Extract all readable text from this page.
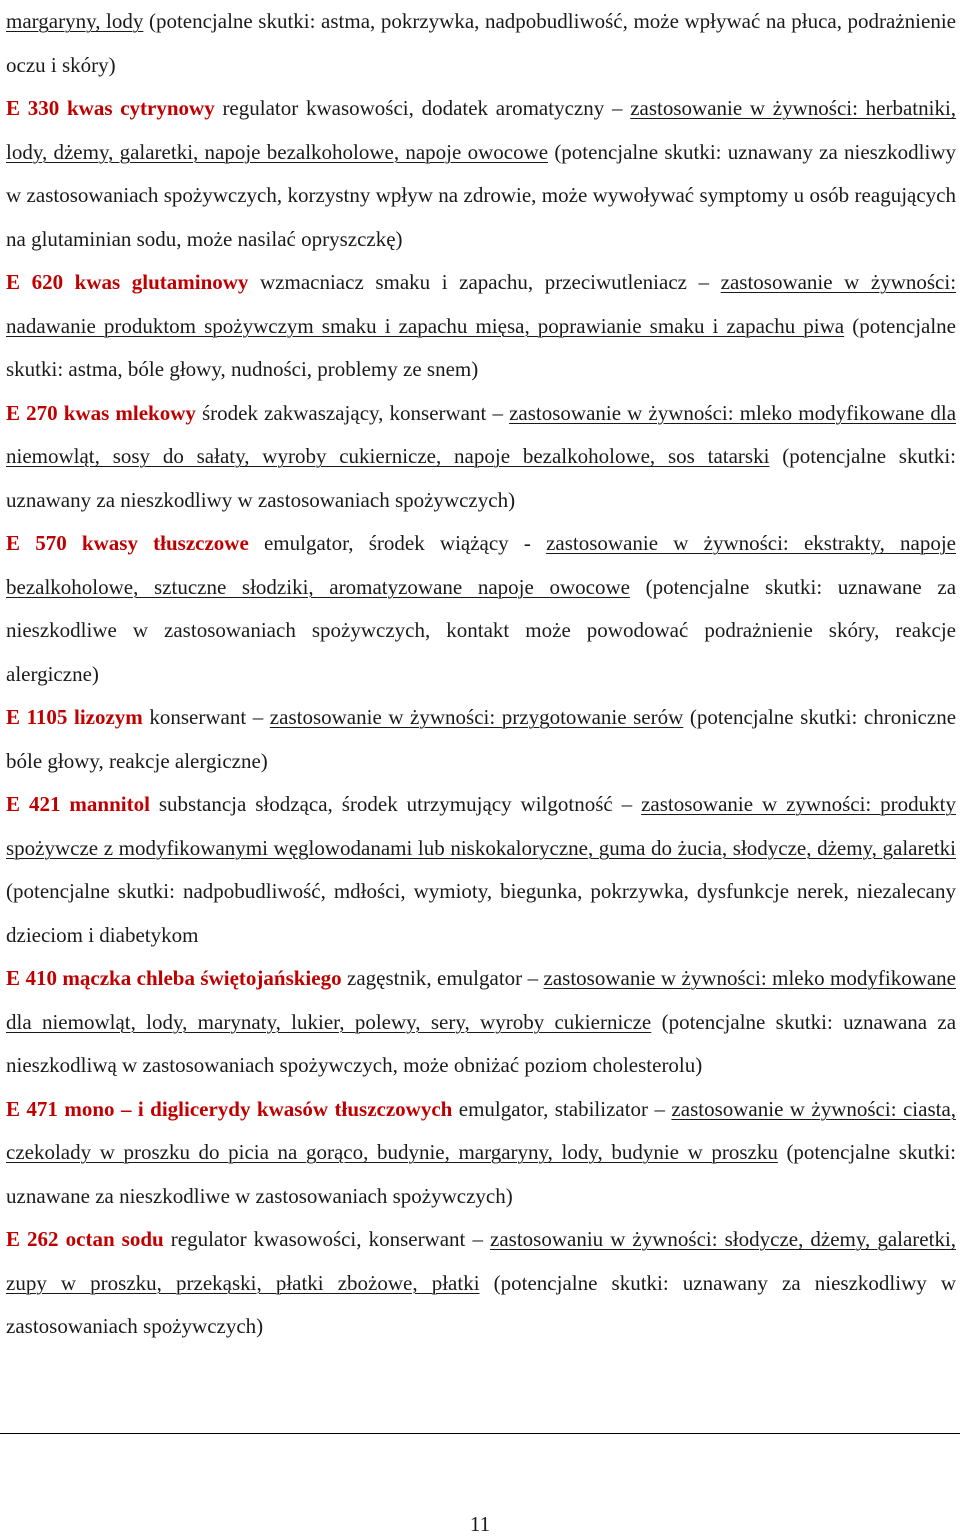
margaryny, lody (potencjalne skutki: astma, pokrzywka, nadpobudliwość, może wpływać na płuca, podrażnienie oczu i skóry)

E 330 kwas cytrynowy regulator kwasowości, dodatek aromatyczny – zastosowanie w żywności: herbatniki, lody, dżemy, galaretki, napoje bezalkoholowe, napoje owocowe (potencjalne skutki: uznawany za nieszkodliwy w zastosowaniach spożywczych, korzystny wpływ na zdrowie, może wywoływać symptomy u osób reagujących na glutaminian sodu, może nasilać opryszczkę)

E 620 kwas glutaminowy wzmacniacz smaku i zapachu, przeciwutleniacz – zastosowanie w żywności: nadawanie produktom spożywczym smaku i zapachu mięsa, poprawianie smaku i zapachu piwa (potencjalne skutki: astma, bóle głowy, nudności, problemy ze snem)

E 270 kwas mlekowy środek zakwaszający, konserwant – zastosowanie w żywności: mleko modyfikowane dla niemowląt, sosy do sałaty, wyroby cukiernicze, napoje bezalkoholowe, sos tatarski (potencjalne skutki: uznawany za nieszkodliwy w zastosowaniach spożywczych)

E 570 kwasy tłuszczowe emulgator, środek wiążący - zastosowanie w żywności: ekstrakty, napoje bezalkoholowe, sztuczne słodziki, aromatyzowane napoje owocowe (potencjalne skutki: uznawane za nieszkodliwe w zastosowaniach spożywczych, kontakt może powodować podrażnienie skóry, reakcje alergiczne)

E 1105 lizozym konserwant – zastosowanie w żywności: przygotowanie serów (potencjalne skutki: chroniczne bóle głowy, reakcje alergiczne)

E 421 mannitol substancja słodząca, środek utrzymujący wilgotność – zastosowanie w zywności: produkty spożywcze z modyfikowanymi węglowodanami lub niskokaloryczne, guma do żucia, słodycze, dżemy, galaretki (potencjalne skutki: nadpobudliwość, mdłości, wymioty, biegunka, pokrzywka, dysfunkcje nerek, niezalecany dzieciom i diabetykom

E 410 mączka chleba świętojańskiego zagęstnik, emulgator – zastosowanie w żywności: mleko modyfikowane dla niemowląt, lody, marynaty, lukier, polewy, sery, wyroby cukiernicze (potencjalne skutki: uznawana za nieszkodliwą w zastosowaniach spożywczych, może obniżać poziom cholesterolu)

E 471 mono – i diglicerydy kwasów tłuszczowych emulgator, stabilizator – zastosowanie w żywności: ciasta, czekolady w proszku do picia na gorąco, budynie, margaryny, lody, budynie w proszku (potencjalne skutki: uznawane za nieszkodliwe w zastosowaniach spożywczych)

E 262 octan sodu regulator kwasowości, konserwant – zastosowaniu w żywności: słodycze, dżemy, galaretki, zupy w proszku, przekąski, płatki zbożowe, płatki (potencjalne skutki: uznawany za nieszkodliwy w zastosowaniach spożywczych)

11
